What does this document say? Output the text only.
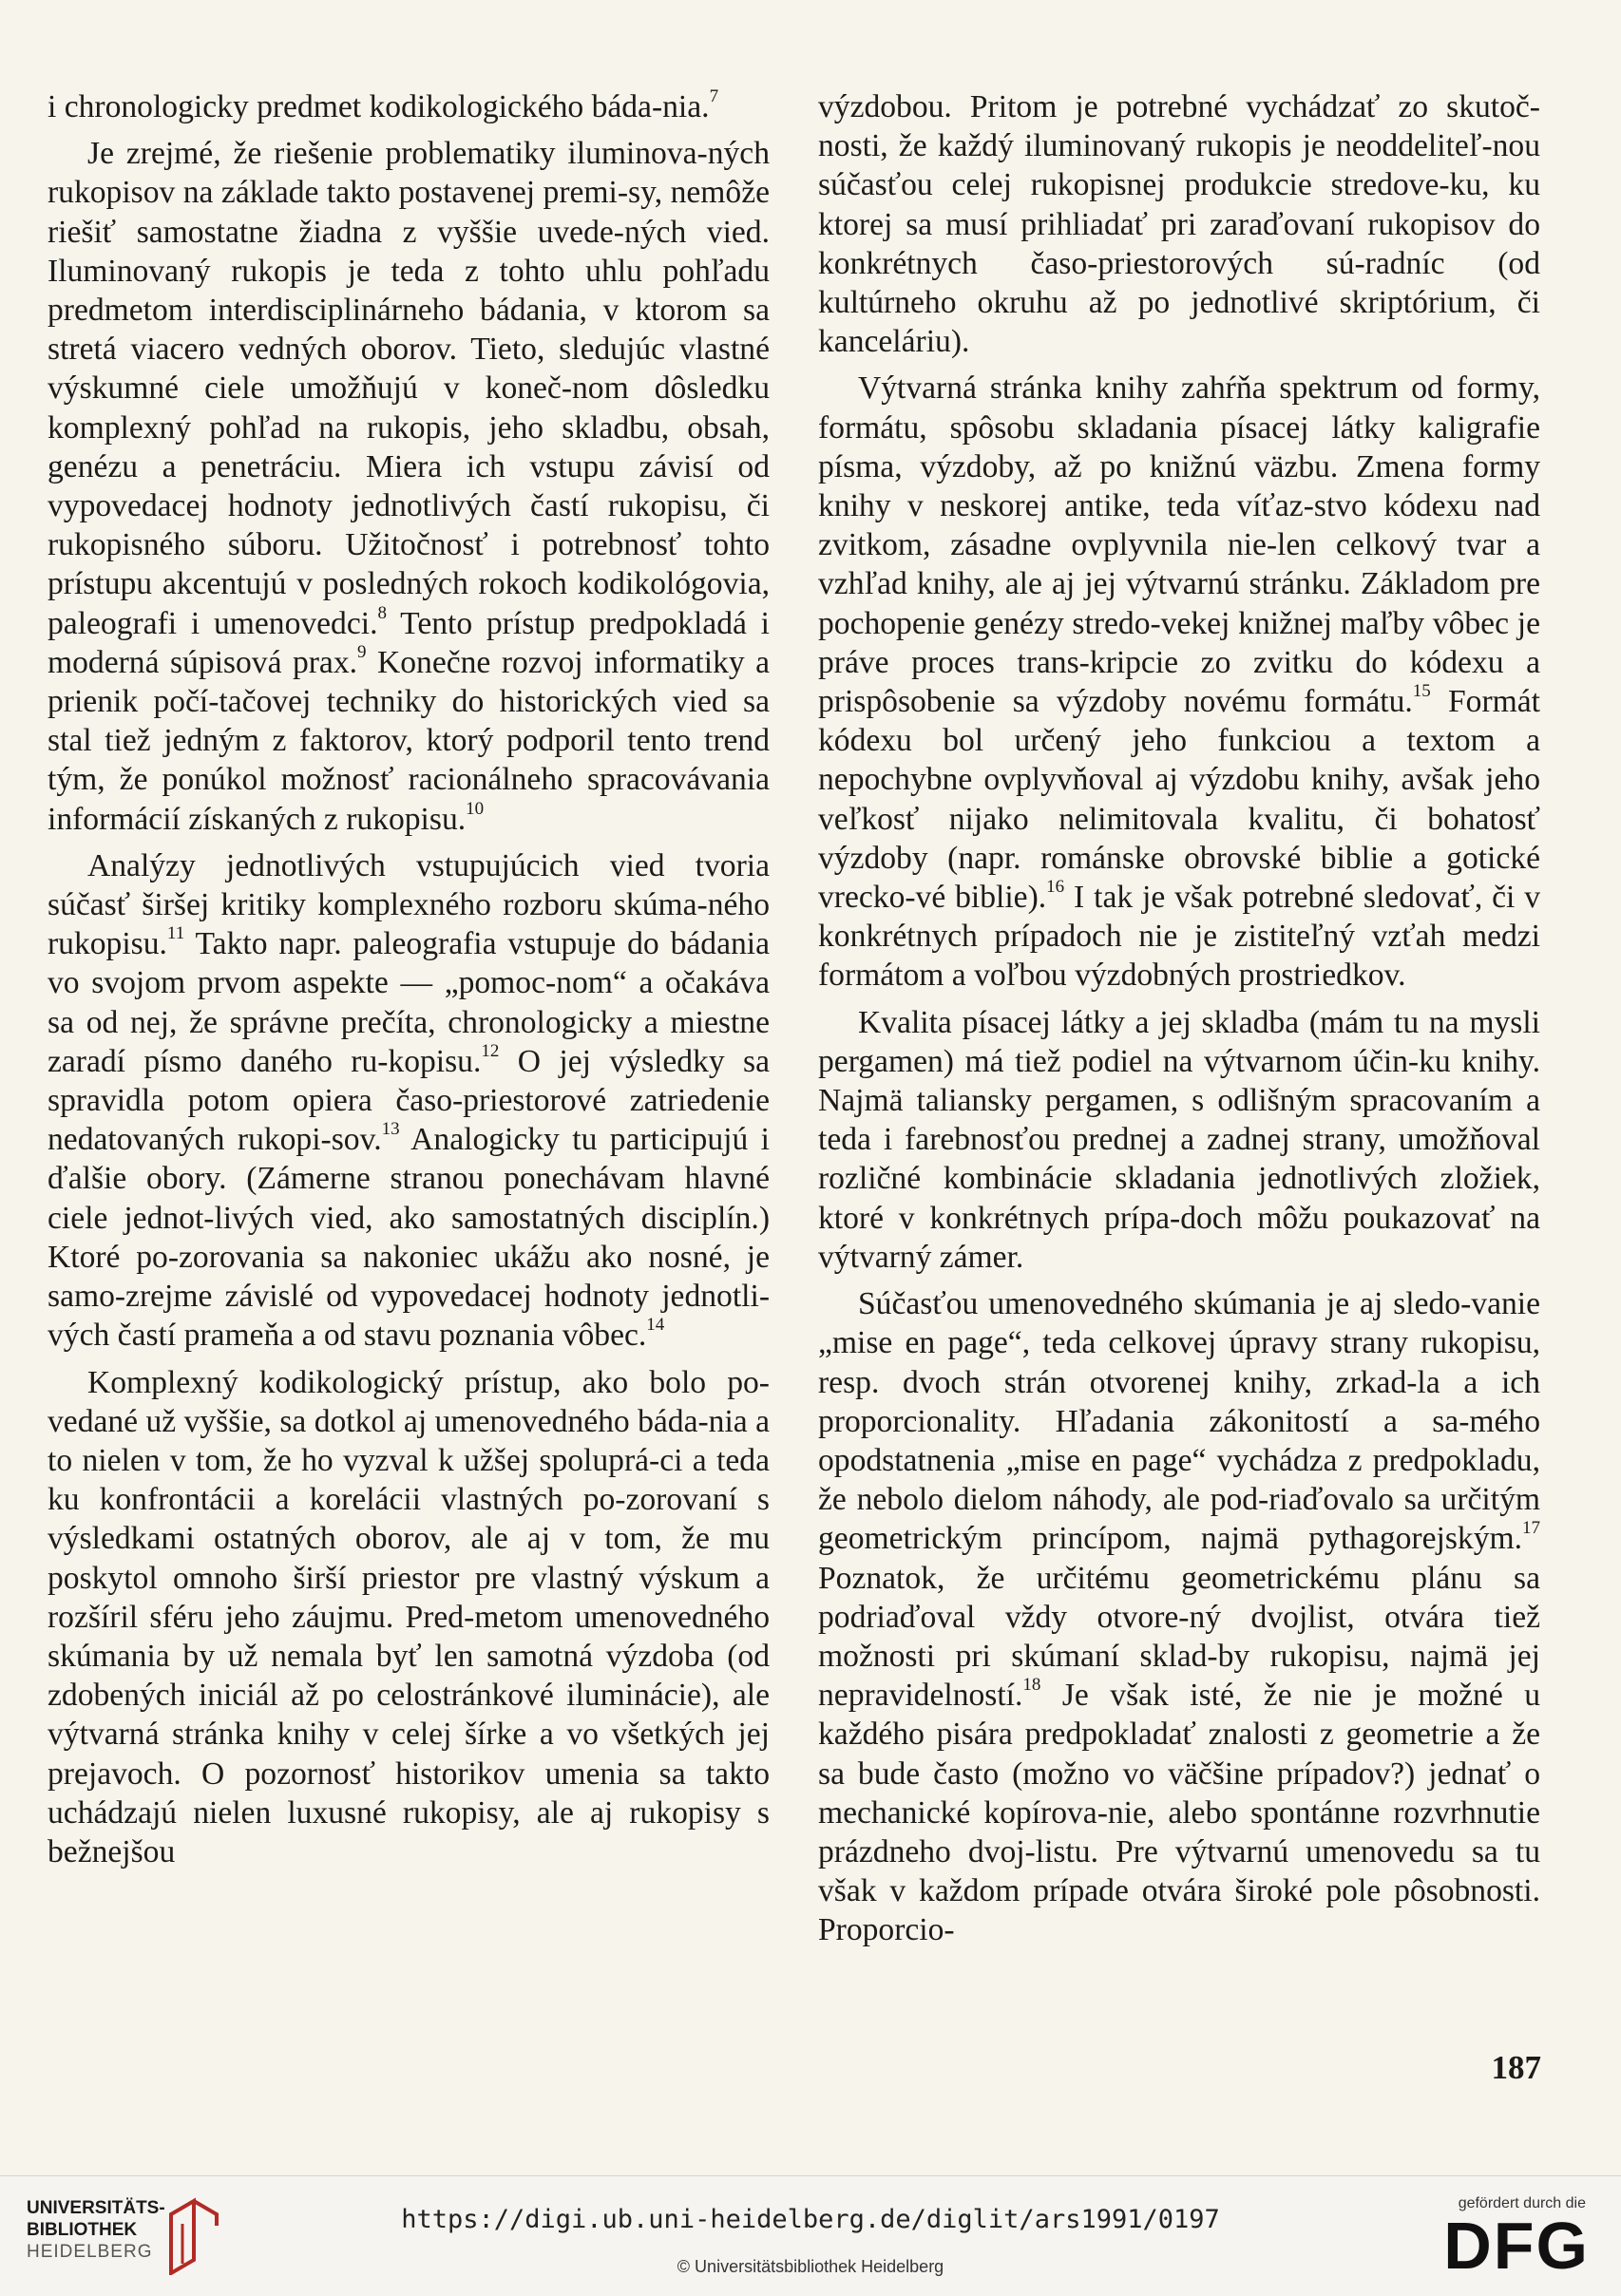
i chronologicky predmet kodikologického báda-nia.$^7$

Je zrejmé, že riešenie problematiky iluminova-ných rukopisov na základe takto postavenej premi-sy, nemôže riešiť samostatne žiadna z vyššie uvede-ných vied. Iluminovaný rukopis je teda z tohto uhlu pohľadu predmetom interdisciplinárneho bádania, v ktorom sa stretá viacero vedných oborov. Tieto, sledujúc vlastné výskumné ciele umožňujú v koneč-nom dôsledku komplexný pohľad na rukopis, jeho skladbu, obsah, genézu a penetráciu. Miera ich vstupu závisí od vypovedacej hodnoty jednotlivých častí rukopisu, či rukopisného súboru. Užitočnosť i potrebnosť tohto prístupu akcentujú v posledných rokoch kodikológovia, paleografi i umenovedci.$^8$ Tento prístup predpokladá i moderná súpisová prax.$^9$ Konečne rozvoj informatiky a prienik počí-tačovej techniky do historických vied sa stal tiež jedným z faktorov, ktorý podporil tento trend tým, že ponúkol možnosť racionálneho spracovávania informácií získaných z rukopisu.$^{10}$

Analýzy jednotlivých vstupujúcich vied tvoria súčasť širšej kritiky komplexného rozboru skúma-ného rukopisu.$^{11}$ Takto napr. paleografia vstupuje do bádania vo svojom prvom aspekte — „pomoc-nom“ a očakáva sa od nej, že správne prečíta, chronologicky a miestne zaradí písmo daného ru-kopisu.$^{12}$ O jej výsledky sa spravidla potom opiera časo-priestorové zatriedenie nedatovaných rukopi-sov.$^{13}$ Analogicky tu participujú i ďalšie obory. (Zámerne stranou ponechávam hlavné ciele jednot-livých vied, ako samostatných disciplín.) Ktoré po-zorovania sa nakoniec ukážu ako nosné, je samo-zrejme závislé od vypovedacej hodnoty jednotli-vých častí prameňa a od stavu poznania vôbec.$^{14}$

Komplexný kodikologický prístup, ako bolo po-vedané už vyššie, sa dotkol aj umenovedného báda-nia a to nielen v tom, že ho vyzval k užšej spoluprá-ci a teda ku konfrontácii a korelácii vlastných po-zorovaní s výsledkami ostatných oborov, ale aj v tom, že mu poskytol omnoho širší priestor pre vlastný výskum a rozšíril sféru jeho záujmu. Pred-metom umenovedného skúmania by už nemala byť len samotná výzdoba (od zdobených iniciál až po celostránkové iluminácie), ale výtvarná stránka knihy v celej šírke a vo všetkých jej prejavoch. O pozornosť historikov umenia sa takto uchádzajú nielen luxusné rukopisy, ale aj rukopisy s bežnejšou

výzdobou. Pritom je potrebné vychádzať zo skutoč-nosti, že každý iluminovaný rukopis je neoddeliteľ-nou súčasťou celej rukopisnej produkcie stredove-ku, ku ktorej sa musí prihliadať pri zaraďovaní rukopisov do konkrétnych časo-priestorových sú-radníc (od kultúrneho okruhu až po jednotlivé skriptórium, či kanceláriu).

Výtvarná stránka knihy zahŕňa spektrum od formy, formátu, spôsobu skladania písacej látky kaligrafie písma, výzdoby, až po knižnú väzbu. Zmena formy knihy v neskorej antike, teda víťaz-stvo kódexu nad zvitkom, zásadne ovplyvnila nie-len celkový tvar a vzhľad knihy, ale aj jej výtvarnú stránku. Základom pre pochopenie genézy stredo-vekej knižnej maľby vôbec je práve proces trans-kripcie zo zvitku do kódexu a prispôsobenie sa výzdoby novému formátu.$^{15}$ Formát kódexu bol určený jeho funkciou a textom a nepochybne ovplyvňoval aj výzdobu knihy, avšak jeho veľkosť nijako nelimitovala kvalitu, či bohatosť výzdoby (napr. románske obrovské biblie a gotické vrecko-vé biblie).$^{16}$ I tak je však potrebné sledovať, či v konkrétnych prípadoch nie je zistiteľný vzťah medzi formátom a voľbou výzdobných prostriedkov.

Kvalita písacej látky a jej skladba (mám tu na mysli pergamen) má tiež podiel na výtvarnom účin-ku knihy. Najmä taliansky pergamen, s odlišným spracovaním a teda i farebnosťou prednej a zadnej strany, umožňoval rozličné kombinácie skladania jednotlivých zložiek, ktoré v konkrétnych prípa-doch môžu poukazovať na výtvarný zámer.

Súčasťou umenovedného skúmania je aj sledo-vanie „mise en page“, teda celkovej úpravy strany rukopisu, resp. dvoch strán otvorenej knihy, zrkad-la a ich proporcionality. Hľadania zákonitostí a sa-mého opodstatnenia „mise en page“ vychádza z predpokladu, že nebolo dielom náhody, ale pod-riaďovalo sa určitým geometrickým princípom, najmä pythagorejským.$^{17}$ Poznatok, že určitému geometrickému plánu sa podriaďoval vždy otvore-ný dvojlist, otvára tiež možnosti pri skúmaní sklad-by rukopisu, najmä jej nepravidelností.$^{18}$ Je však isté, že nie je možné u každého pisára predpokladať znalosti z geometrie a že sa bude často (možno vo väčšine prípadov?) jednať o mechanické kopírova-nie, alebo spontánne rozvrhnutie prázdneho dvoj-listu. Pre výtvarnú umenovedu sa tu však v každom prípade otvára široké pole pôsobnosti. Proporcio-

187
UNIVERSITÄTS-
BIBLIOTHEK
HEIDELBERG
https://digi.ub.uni-heidelberg.de/diglit/ars1991/0197
© Universitätsbibliothek Heidelberg
gefördert durch die
DFG
